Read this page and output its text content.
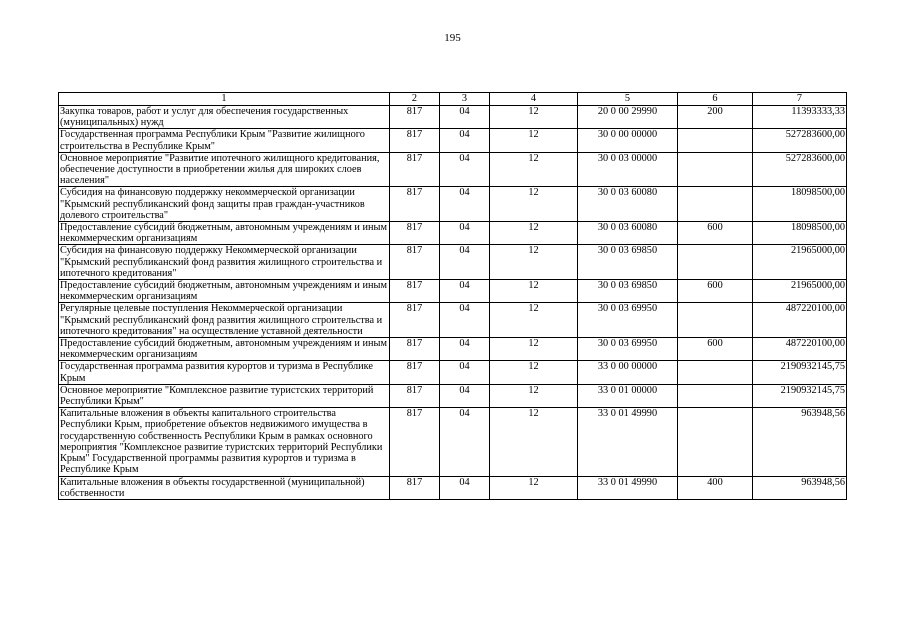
195
1	2	3	4	5	6	7
Закупка товаров, работ и услуг для обеспечения государственных (муниципальных) нужд	817	04	12	20 0 00 29990	200	11393333,33
Государственная программа Республики Крым "Развитие жилищного строительства в Республике Крым"	817	04	12	30 0 00 00000		527283600,00
Основное мероприятие "Развитие ипотечного жилищного кредитования, обеспечение доступности в приобретении жилья для широких слоев населения"	817	04	12	30 0 03 00000		527283600,00
Субсидия на финансовую поддержку некоммерческой организации "Крымский республиканский фонд защиты прав граждан-участников долевого строительства"	817	04	12	30 0 03 60080		18098500,00
Предоставление субсидий бюджетным, автономным учреждениям и иным некоммерческим организациям	817	04	12	30 0 03 60080	600	18098500,00
Субсидия на финансовую поддержку Некоммерческой организации "Крымский республиканский фонд развития жилищного строительства и ипотечного кредитования"	817	04	12	30 0 03 69850		21965000,00
Предоставление субсидий бюджетным, автономным учреждениям и иным некоммерческим организациям	817	04	12	30 0 03 69850	600	21965000,00
Регулярные целевые поступления Некоммерческой организации "Крымский республиканский фонд развития жилищного строительства и ипотечного кредитования" на осуществление уставной деятельности	817	04	12	30 0 03 69950		487220100,00
Предоставление субсидий бюджетным, автономным учреждениям и иным некоммерческим организациям	817	04	12	30 0 03 69950	600	487220100,00
Государственная программа развития курортов и туризма в Республике Крым	817	04	12	33 0 00 00000		2190932145,75
Основное мероприятие "Комплексное развитие туристских территорий Республики Крым"	817	04	12	33 0 01 00000		2190932145,75
Капитальные вложения в объекты капитального строительства Республики Крым, приобретение объектов недвижимого имущества в государственную собственность Республики Крым в рамках основного мероприятия "Комплексное развитие туристских территорий Республики Крым" Государственной программы развития курортов и туризма в Республике Крым	817	04	12	33 0 01 49990		963948,56
Капитальные вложения в объекты государственной (муниципальной) собственности	817	04	12	33 0 01 49990	400	963948,56
